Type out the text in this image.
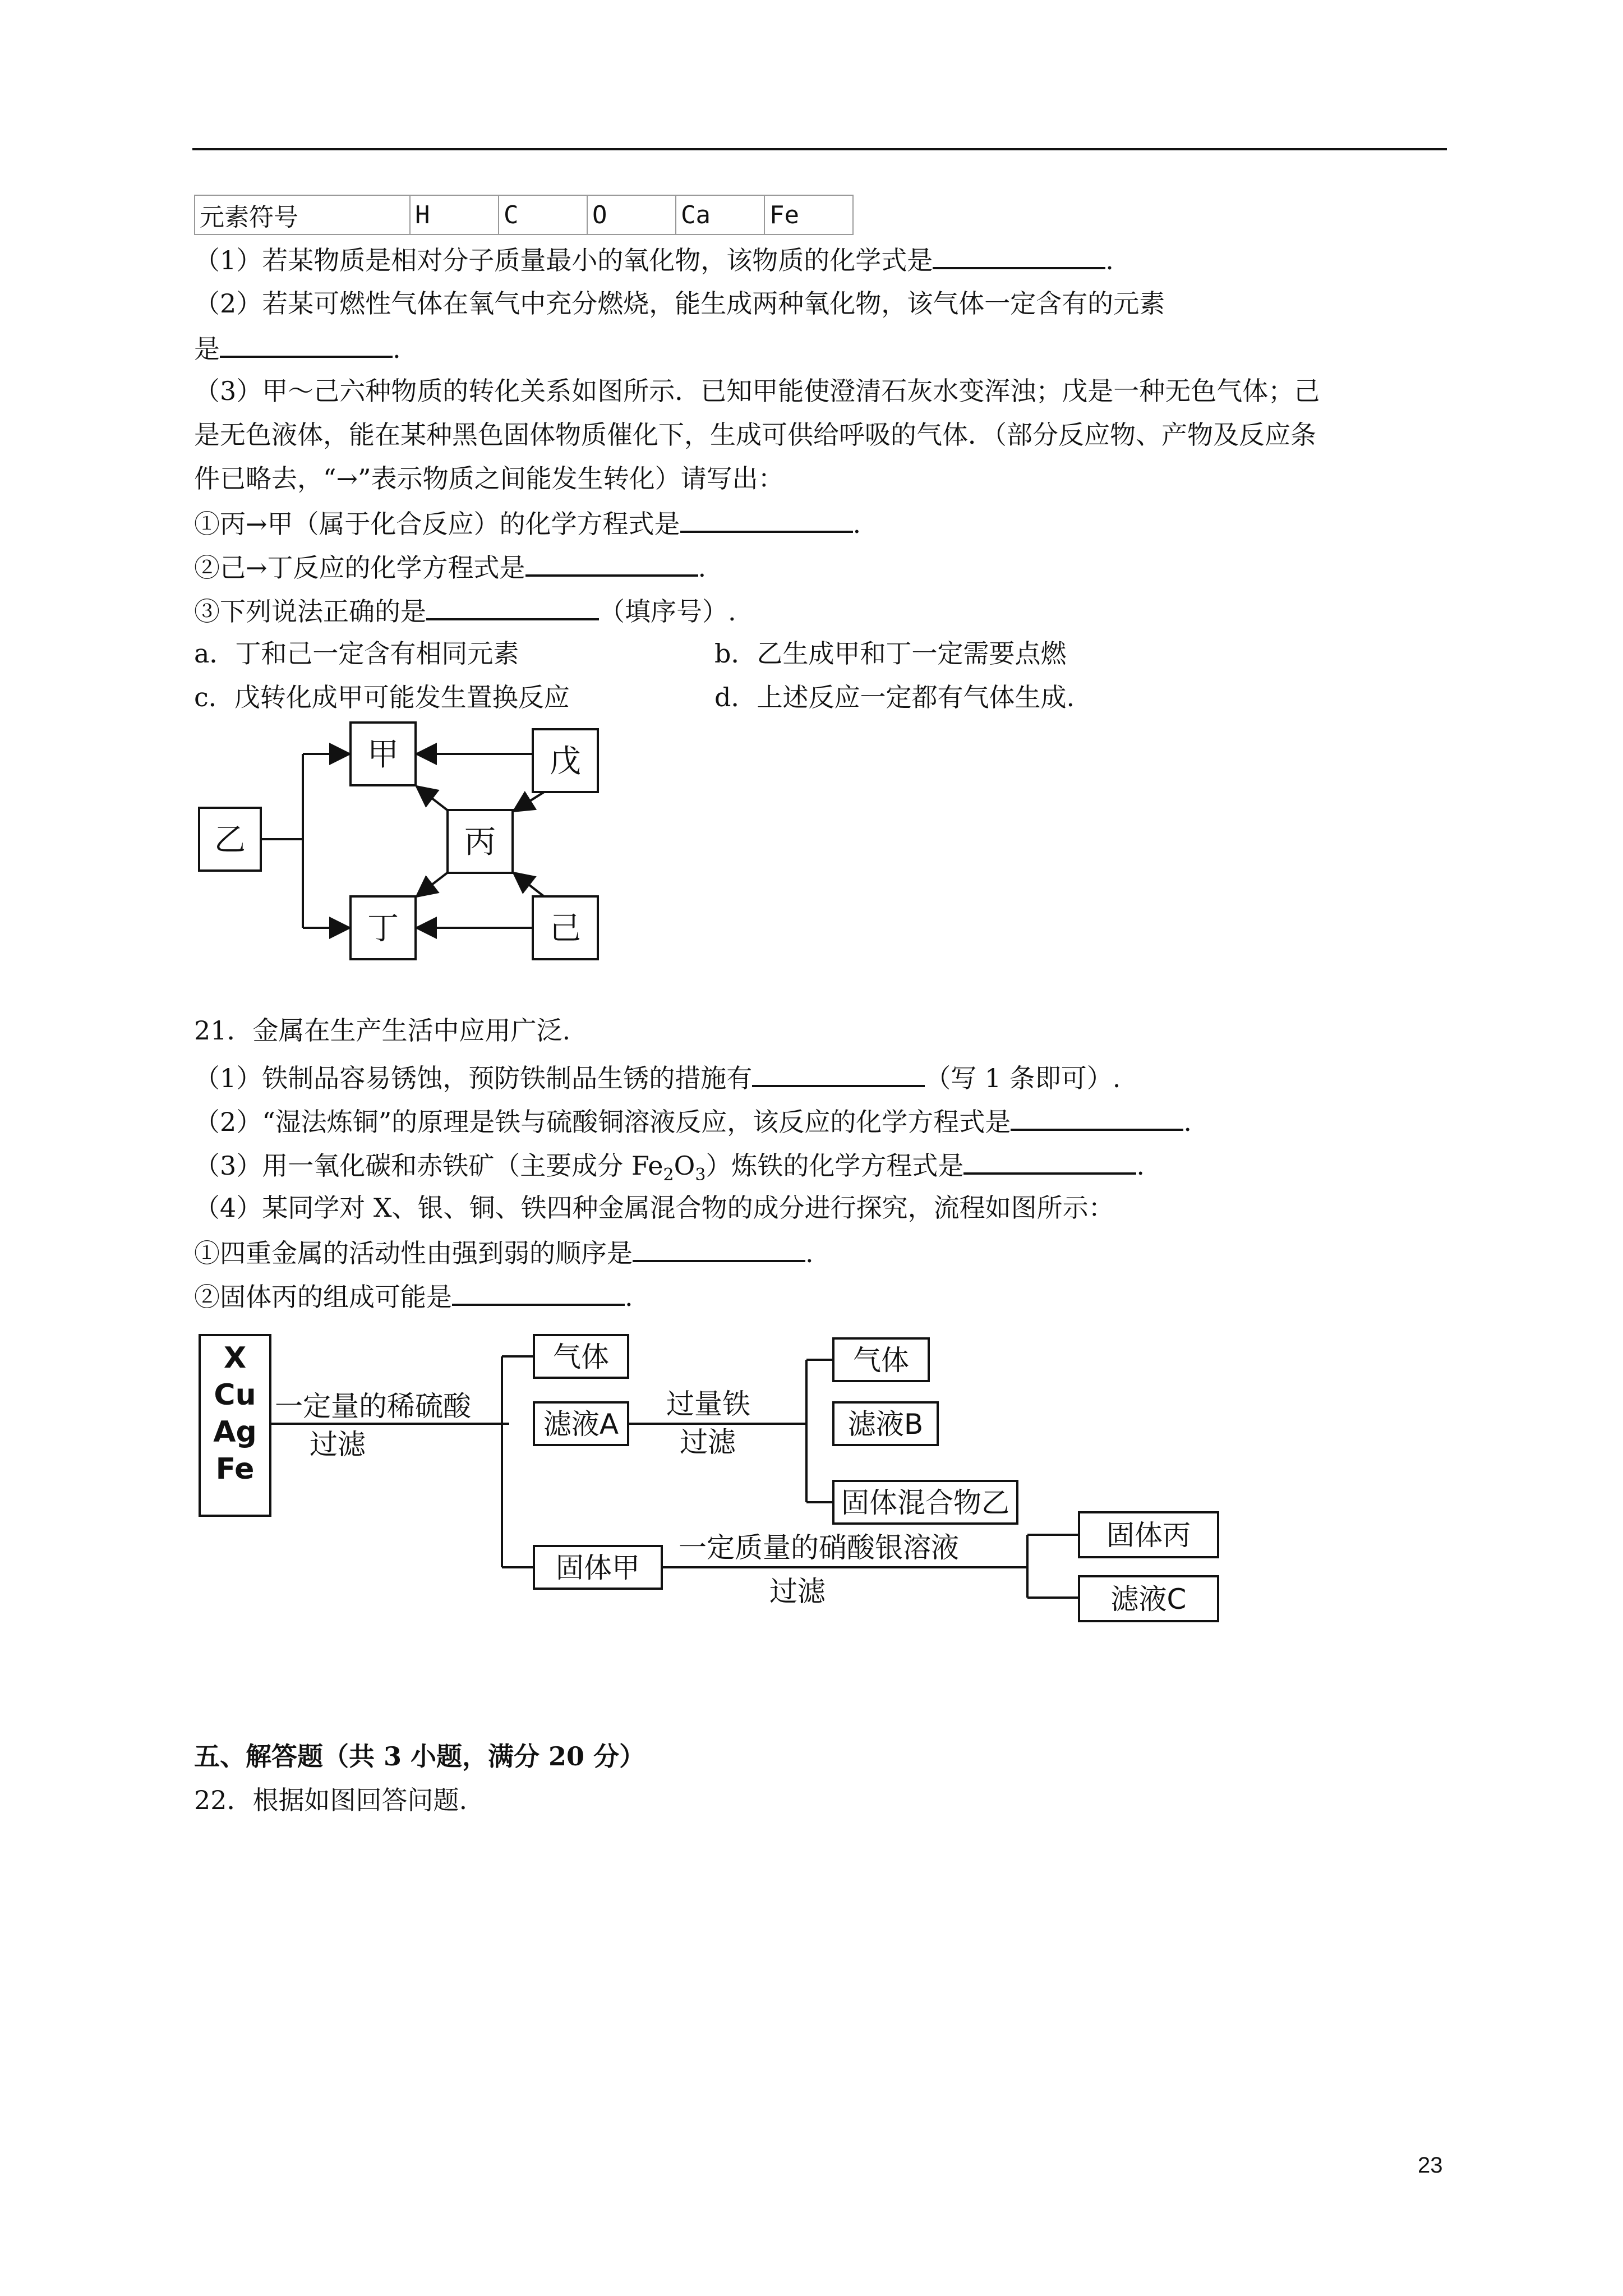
元素符号	H	C	O	Ca	Fe
（1）若某物质是相对分子质量最小的氧化物，该物质的化学式是	.
（2）若某可燃性气体在氧气中充分燃烧，能生成两种氧化物，该气体一定含有的元素
是	.
（3）甲～己六种物质的转化关系如图所示．已知甲能使澄清石灰水变浑浊；戊是一种无色气体；己
是无色液体，能在某种黑色固体物质催化下，生成可供给呼吸的气体．（部分反应物、产物及反应条
件已略去，“→”表示物质之间能发生转化）请写出：
①丙→甲（属于化合反应）的化学方程式是	.
②己→丁反应的化学方程式是	.
③下列说法正确的是	（填序号）.
a．丁和己一定含有相同元素	b．乙生成甲和丁一定需要点燃
c．戊转化成甲可能发生置换反应	d．上述反应一定都有气体生成.
乙
甲	戊
丙
丁	己
21．金属在生产生活中应用广泛.
（1）铁制品容易锈蚀，预防铁制品生锈的措施有	（写 1 条即可）.
（2）“湿法炼铜”的原理是铁与硫酸铜溶液反应，该反应的化学方程式是	.
（3）用一氧化碳和赤铁矿（主要成分 $Fe_2O_3$）炼铁的化学方程式是	.
（4）某同学对 X、银、铜、铁四种金属混合物的成分进行探究，流程如图所示：
①四重金属的活动性由强到弱的顺序是	.
②固体丙的组成可能是	.
X
Cu
Ag
Fe
一定量的稀硫酸
过滤
气体
滤液A
过量铁
过滤
气体
滤液B
固体混合物乙
固体甲
一定质量的硝酸银溶液
过滤
固体丙
滤液C
五、解答题（共 3 小题，满分 20 分）
22．根据如图回答问题.
23
